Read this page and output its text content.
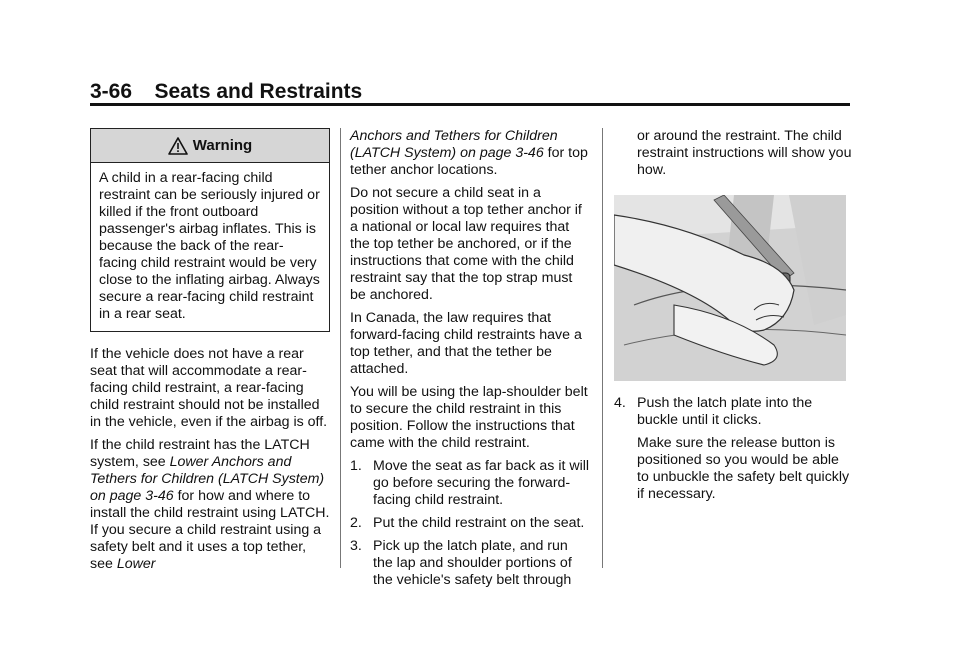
3-66 Seats and Restraints
Warning
A child in a rear-facing child restraint can be seriously injured or killed if the front outboard passenger's airbag inflates. This is because the back of the rear-facing child restraint would be very close to the inflating airbag. Always secure a rear-facing child restraint in a rear seat.

If the vehicle does not have a rear seat that will accommodate a rear-facing child restraint, a rear-facing child restraint should not be installed in the vehicle, even if the airbag is off.

If the child restraint has the LATCH system, see Lower Anchors and Tethers for Children (LATCH System) on page 3-46 for how and where to install the child restraint using LATCH. If you secure a child restraint using a safety belt and it uses a top tether, see Lower

Anchors and Tethers for Children (LATCH System) on page 3-46 for top tether anchor locations.

Do not secure a child seat in a position without a top tether anchor if a national or local law requires that the top tether be anchored, or if the instructions that come with the child restraint say that the top strap must be anchored.

In Canada, the law requires that forward-facing child restraints have a top tether, and that the tether be attached.

You will be using the lap-shoulder belt to secure the child restraint in this position. Follow the instructions that came with the child restraint.

1. Move the seat as far back as it will go before securing the forward-facing child restraint.
2. Put the child restraint on the seat.
3. Pick up the latch plate, and run the lap and shoulder portions of the vehicle's safety belt through

or around the restraint. The child restraint instructions will show you how.

4. Push the latch plate into the buckle until it clicks.

Make sure the release button is positioned so you would be able to unbuckle the safety belt quickly if necessary.
